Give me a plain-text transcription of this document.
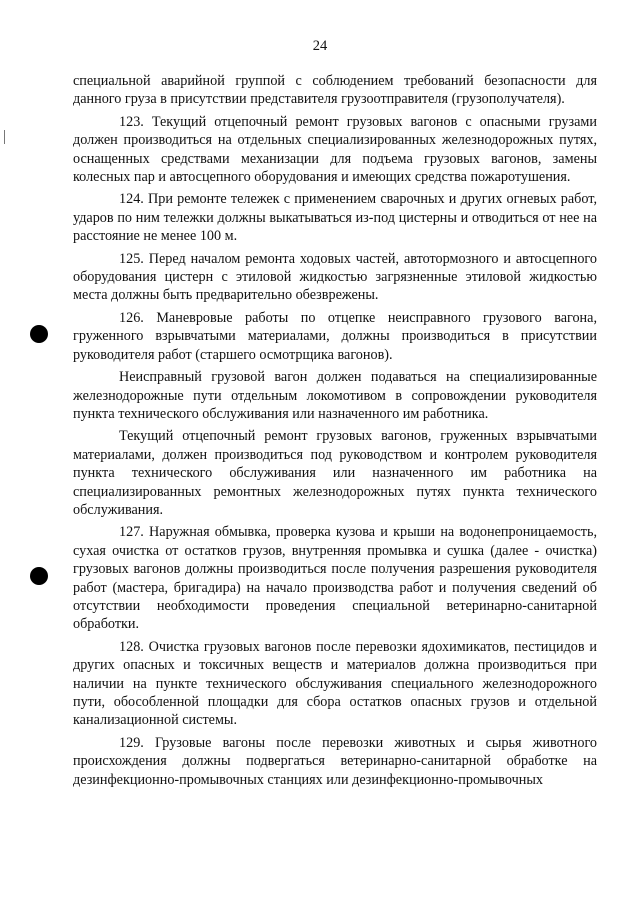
24

специальной аварийной группой с соблюдением требований безопасности для данного груза в присутствии представителя грузоотправителя (грузополучателя).

123. Текущий отцепочный ремонт грузовых вагонов с опасными грузами должен производиться на отдельных специализированных железнодорожных путях, оснащенных средствами механизации для подъема грузовых вагонов, замены колесных пар и автосцепного оборудования и имеющих средства пожаротушения.

124. При ремонте тележек с применением сварочных и других огневых работ, ударов по ним тележки должны выкатываться из-под цистерны и отводиться от нее на расстояние не менее 100 м.

125. Перед началом ремонта ходовых частей, автотормозного и автосцепного оборудования цистерн с этиловой жидкостью загрязненные этиловой жидкостью места должны быть предварительно обезврежены.

126. Маневровые работы по отцепке неисправного грузового вагона, груженного взрывчатыми материалами, должны производиться в присутствии руководителя работ (старшего осмотрщика вагонов).

Неисправный грузовой вагон должен подаваться на специализированные железнодорожные пути отдельным локомотивом в сопровождении руководителя пункта технического обслуживания или назначенного им работника.

Текущий отцепочный ремонт грузовых вагонов, груженных взрывчатыми материалами, должен производиться под руководством и контролем руководителя пункта технического обслуживания или назначенного им работника на специализированных ремонтных железнодорожных путях пункта технического обслуживания.

127. Наружная обмывка, проверка кузова и крыши на водонепроницаемость, сухая очистка от остатков грузов, внутренняя промывка и сушка (далее - очистка) грузовых вагонов должны производиться после получения разрешения руководителя работ (мастера, бригадира) на начало производства работ и получения сведений об отсутствии необходимости проведения специальной ветеринарно-санитарной обработки.

128. Очистка грузовых вагонов после перевозки ядохимикатов, пестицидов и других опасных и токсичных веществ и материалов должна производиться при наличии на пункте технического обслуживания специального железнодорожного пути, обособленной площадки для сбора остатков опасных грузов и отдельной канализационной системы.

129. Грузовые вагоны после перевозки животных и сырья животного происхождения должны подвергаться ветеринарно-санитарной обработке на дезинфекционно-промывочных станциях или дезинфекционно-промывочных
